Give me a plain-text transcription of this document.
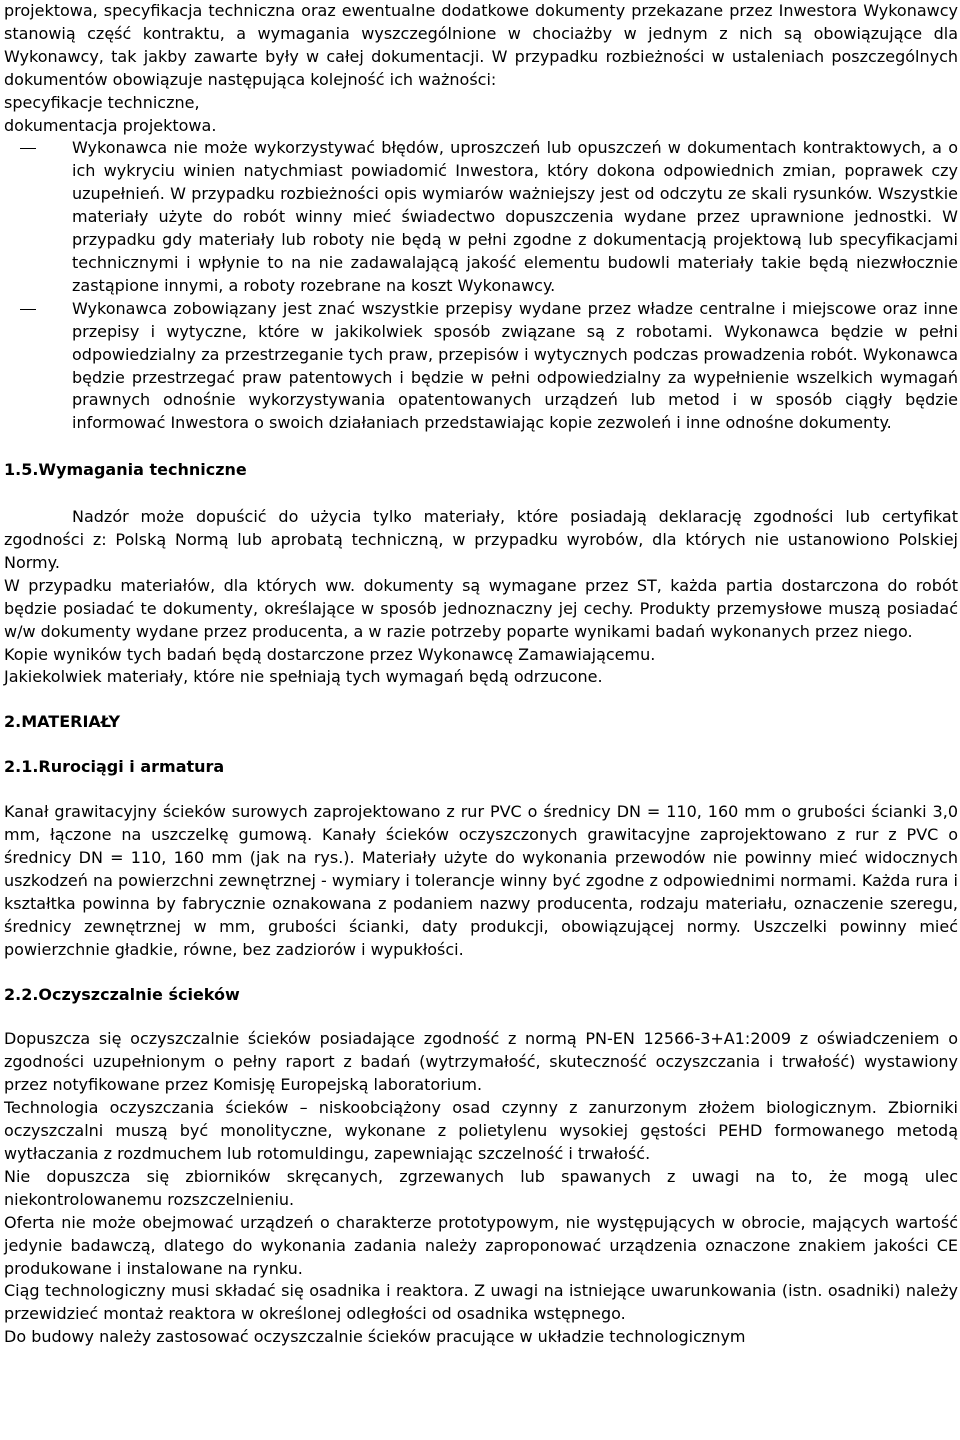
projektowa, specyfikacja techniczna oraz ewentualne dodatkowe dokumenty przekazane przez Inwestora Wykonawcy stanowią część kontraktu, a wymagania wyszczególnione w chociażby w jednym z nich są obowiązujące dla Wykonawcy, tak jakby zawarte były w całej dokumentacji. W przypadku rozbieżności w ustaleniach poszczególnych dokumentów obowiązuje następująca kolejność ich ważności:

specyfikacje techniczne,

dokumentacja projektowa.

Wykonawca nie może wykorzystywać błędów, uproszczeń lub opuszczeń w dokumentach kontraktowych, a o ich wykryciu winien natychmiast powiadomić Inwestora, który dokona odpowiednich zmian, poprawek czy uzupełnień. W przypadku rozbieżności opis wymiarów ważniejszy jest od odczytu ze skali rysunków. Wszystkie materiały użyte do robót winny mieć świadectwo dopuszczenia wydane przez uprawnione jednostki. W przypadku gdy materiały lub roboty nie będą w pełni zgodne z dokumentacją projektową lub specyfikacjami technicznymi i wpłynie to na nie zadawalającą jakość elementu budowli materiały takie będą niezwłocznie zastąpione innymi, a roboty rozebrane na koszt Wykonawcy.
Wykonawca zobowiązany jest znać wszystkie przepisy wydane przez władze centralne i miejscowe oraz inne przepisy i wytyczne, które w jakikolwiek sposób związane są z robotami. Wykonawca będzie w pełni odpowiedzialny za przestrzeganie tych praw, przepisów i wytycznych podczas prowadzenia robót. Wykonawca będzie przestrzegać praw patentowych i będzie w pełni odpowiedzialny za wypełnienie wszelkich wymagań prawnych odnośnie wykorzystywania opatentowanych urządzeń lub metod i w sposób ciągły będzie informować Inwestora o swoich działaniach przedstawiając kopie zezwoleń i inne odnośne dokumenty.
1.5.Wymagania techniczne

Nadzór może dopuścić do użycia tylko materiały, które posiadają deklarację zgodności lub certyfikat zgodności z: Polską Normą lub aprobatą techniczną, w przypadku wyrobów, dla których nie ustanowiono Polskiej Normy.

W przypadku materiałów, dla których ww. dokumenty są wymagane przez ST, każda partia dostarczona do robót będzie posiadać te dokumenty, określające w sposób jednoznaczny jej cechy. Produkty przemysłowe muszą posiadać w/w dokumenty wydane przez producenta, a w razie potrzeby poparte wynikami badań wykonanych przez niego.

Kopie wyników tych badań będą dostarczone przez Wykonawcę Zamawiającemu.

Jakiekolwiek materiały, które nie spełniają tych wymagań będą odrzucone.

2.MATERIAŁY
2.1.Rurociągi i armatura

Kanał grawitacyjny ścieków surowych zaprojektowano z rur PVC o średnicy DN = 110, 160 mm o grubości ścianki 3,0 mm, łączone na uszczelkę gumową. Kanały ścieków oczyszczonych grawitacyjne zaprojektowano z rur z PVC o średnicy DN = 110, 160 mm (jak na rys.). Materiały użyte do wykonania przewodów nie powinny mieć widocznych uszkodzeń na powierzchni zewnętrznej - wymiary i tolerancje winny być zgodne z odpowiednimi normami. Każda rura i kształtka powinna by fabrycznie oznakowana z podaniem nazwy producenta, rodzaju materiału, oznaczenie szeregu, średnicy zewnętrznej w mm, grubości ścianki, daty produkcji, obowiązującej normy. Uszczelki powinny mieć powierzchnie gładkie, równe, bez zadziorów i wypukłości.

2.2.Oczyszczalnie ścieków

Dopuszcza się oczyszczalnie ścieków posiadające zgodność z normą PN-EN 12566-3+A1:2009 z oświadczeniem o zgodności uzupełnionym o pełny raport z badań (wytrzymałość, skuteczność oczyszczania i trwałość) wystawiony przez notyfikowane przez Komisję Europejską laboratorium.

Technologia oczyszczania ścieków – niskoobciążony osad czynny z zanurzonym złożem biologicznym. Zbiorniki oczyszczalni muszą być monolityczne, wykonane z polietylenu wysokiej gęstości PEHD formowanego metodą wytłaczania z rozdmuchem lub rotomuldingu, zapewniając szczelność i trwałość.

Nie dopuszcza się zbiorników skręcanych, zgrzewanych lub spawanych z uwagi na to, że mogą ulec niekontrolowanemu rozszczelnieniu.

Oferta nie może obejmować urządzeń o charakterze prototypowym, nie występujących w obrocie, mających wartość jedynie badawczą, dlatego do wykonania zadania należy zaproponować urządzenia oznaczone znakiem jakości CE produkowane i instalowane na rynku.

Ciąg technologiczny musi składać się osadnika i reaktora. Z uwagi na istniejące uwarunkowania (istn. osadniki) należy przewidzieć montaż reaktora w określonej odległości od osadnika wstępnego.

Do budowy należy zastosować oczyszczalnie ścieków pracujące w układzie technologicznym
